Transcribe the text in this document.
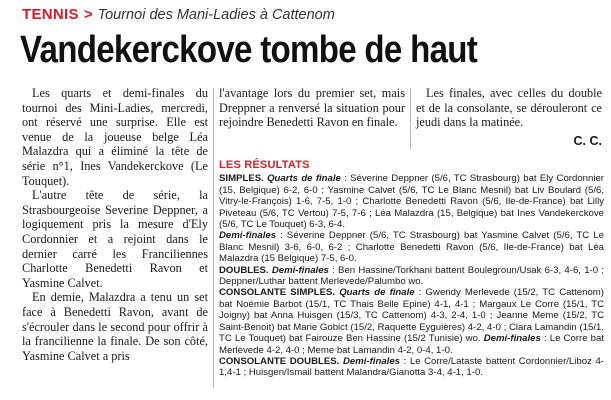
TENNIS > Tournoi des Mani-Ladies à Cattenom
Vandekerckove tombe de haut

Les quarts et demi-finales du tournoi des Mini-Ladies, mercredi, ont réservé une surprise. Elle est venue de la joueuse belge Léa Malazdra qui a éliminé la tête de série n°1, Ines Vandekerckove (Le Touquet).

L'autre tête de série, la Strasbourgeoise Severine Deppner, a logiquement pris la mesure d'Ely Cordonnier et a rejoint dans le dernier carré les Franciliennes Charlotte Benedetti Ravon et Yasmine Calvet.

En demie, Malazdra a tenu un set face à Benedetti Ravon, avant de s'écrouler dans le second pour offrir à la francilienne la finale. De son côté, Yasmine Calvet a pris

l'avantage lors du premier set, mais Dreppner a renversé la situation pour rejoindre Benedetti Ravon en finale.

Les finales, avec celles du double et de la consolante, se dérouleront ce jeudi dans la matinée.

C. C.
LES RÉSULTATS

SIMPLES. Quarts de finale : Séverine Deppner (5/6, TC Strasbourg) bat Ely Cordonnier (15, Belgique) 6-2, 6-0 ; Yasmine Calvet (5/6, TC Le Blanc Mesnil) bat Liv Boulard (5/6, Vitry-le-François) 1-6, 7-5, 1-0 ; Charlotte Benedetti Ravon (5/6, Ile-de-France) bat Lilly Piveteau (5/6, TC Vertou) 7-5, 7-6 ; Léa Malazdra (15, Belgique) bat Ines Vandekerckove (5/6, TC Le Touquet) 6-3, 6-4.
Demi-finales : Séverine Deppner (5/6, TC Strasbourg) bat Yasmine Calvet (5/6, TC Le Blanc Mesnil) 3-6, 6-0, 6-2 ; Charlotte Benedetti Ravon (5/6, Ile-de-France) bat Léa Malazdra (15 Belgique) 7-5, 6-0.

DOUBLES. Demi-finales : Ben Hassine/Torkhani battent Boulegroun/Usak 6-3, 4-6, 1-0 ; Deppner/Luthar battent Merlevede/Palumbo wo.

CONSOLANTE SIMPLES. Quarts de finale : Gwendy Merlevede (15/2, TC Cattenom) bat Noémie Barbot (15/1, TC Thais Belle Epine) 4-1, 4-1 ; Margaux Le Corre (15/1, TC Joigny) bat Anna Huisgen (15/3, TC Cattenom) 4-3, 2-4, 1-0 ; Jeanne Meme (15/2, TC Saint-Benoit) bat Marie Gobict (15/2, Raquette Eyguières) 4-2, 4-0 ; Clara Lamandin (15/1, TC Le Touquet) bat Fairouze Ben Hassine (15/2 Tunisie) wo. Demi-finales : Le Corre bat Merlevede 4-2, 4-0 ; Meme bat Lamandin 4-2, 0-4, 1-0.

CONSOLANTE DOUBLES. Demi-finales : Le Corre/Lataste battent Cordonnier/Liboz 4-1,4-1 ; Huisgen/Ismail battent Malandra/Gianotta 3-4, 4-1, 1-0.
